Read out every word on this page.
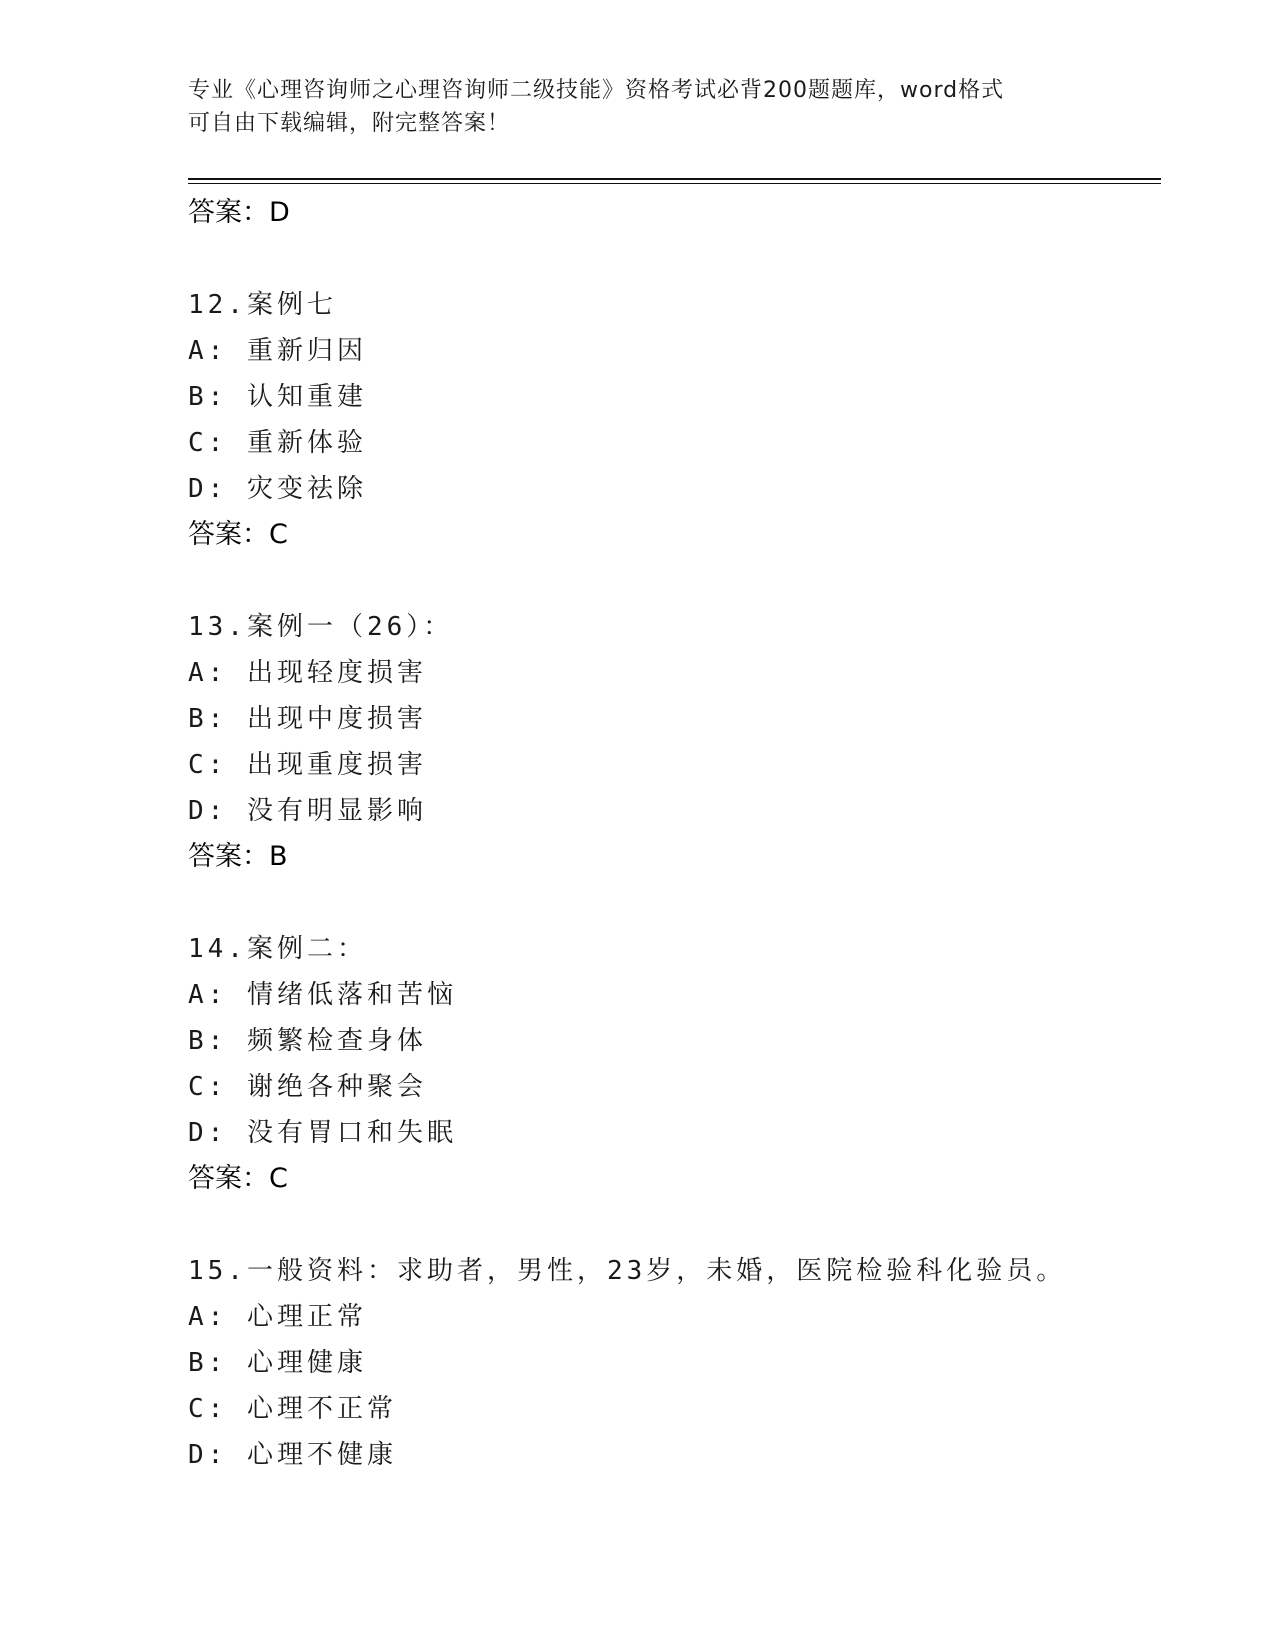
专业《心理咨询师之心理咨询师二级技能》资格考试必背200题题库，word格式
可自由下载编辑，附完整答案！
答案：D
12.案例七
A: 重新归因
B: 认知重建
C: 重新体验
D: 灾变祛除
答案：C
13.案例一（26）：
A: 出现轻度损害
B: 出现中度损害
C: 出现重度损害
D: 没有明显影响
答案：B
14.案例二：
A: 情绪低落和苦恼
B: 频繁检查身体
C: 谢绝各种聚会
D: 没有胃口和失眠
答案：C
15.一般资料：求助者，男性，23岁，未婚，医院检验科化验员。
A: 心理正常
B: 心理健康
C: 心理不正常
D: 心理不健康
